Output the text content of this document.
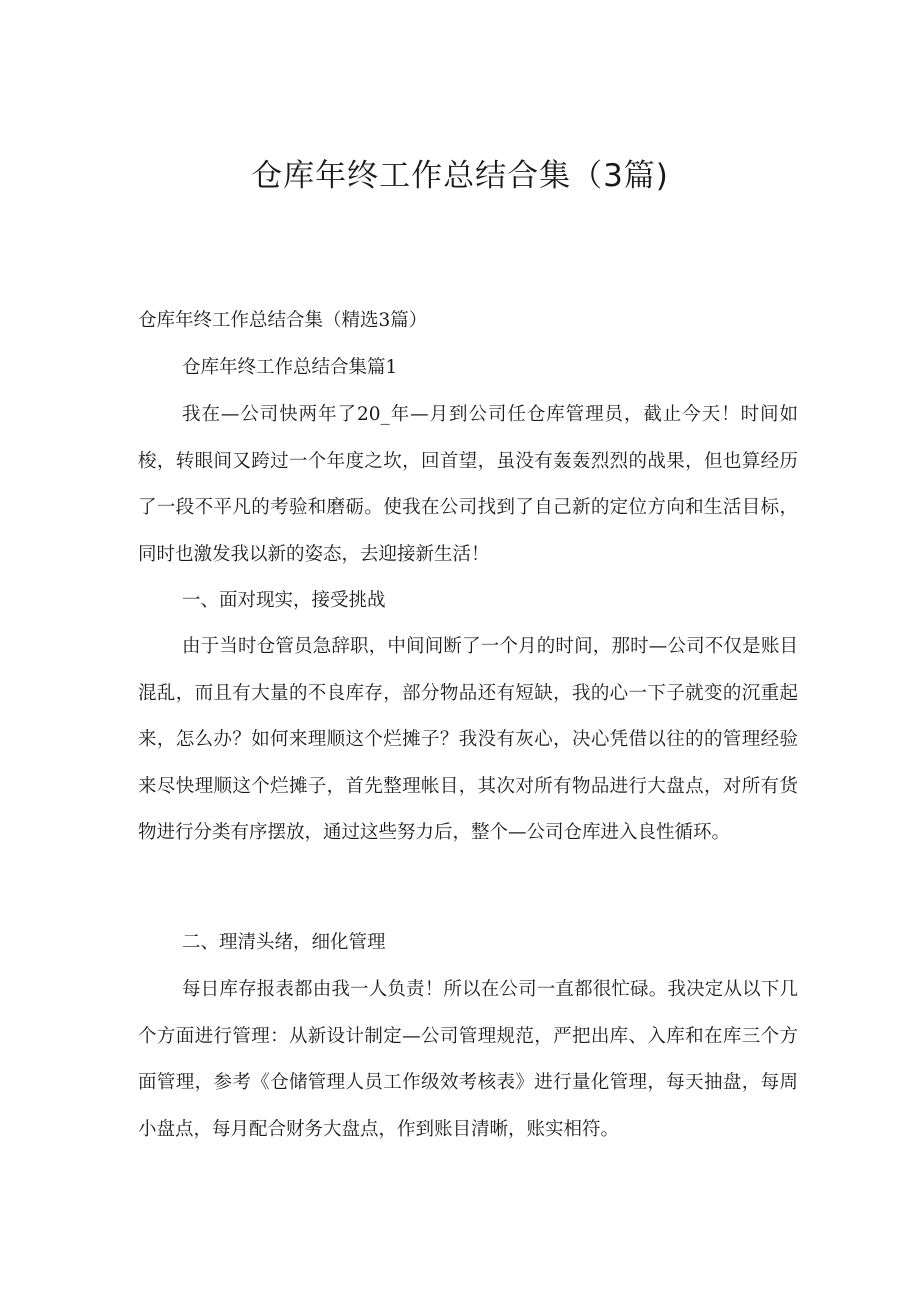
仓库年终工作总结合集（3篇)

仓库年终工作总结合集（精选3篇）

仓库年终工作总结合集篇1

我在—公司快两年了20_年—月到公司任仓库管理员，截止今天！时间如梭，转眼间又跨过一个年度之坎，回首望，虽没有轰轰烈烈的战果，但也算经历了一段不平凡的考验和磨砺。使我在公司找到了自己新的定位方向和生活目标，同时也激发我以新的姿态，去迎接新生活！

一、面对现实，接受挑战

由于当时仓管员急辞职，中间间断了一个月的时间，那时—公司不仅是账目混乱，而且有大量的不良库存，部分物品还有短缺，我的心一下子就变的沉重起来，怎么办？如何来理顺这个烂摊子？我没有灰心，决心凭借以往的的管理经验来尽快理顺这个烂摊子，首先整理帐目，其次对所有物品进行大盘点，对所有货物进行分类有序摆放，通过这些努力后，整个—公司仓库进入良性循环。

二、理清头绪，细化管理

每日库存报表都由我一人负责！所以在公司一直都很忙碌。我决定从以下几个方面进行管理：从新设计制定—公司管理规范，严把出库、入库和在库三个方面管理，参考《仓储管理人员工作级效考核表》进行量化管理，每天抽盘，每周小盘点，每月配合财务大盘点，作到账目清晰，账实相符。
